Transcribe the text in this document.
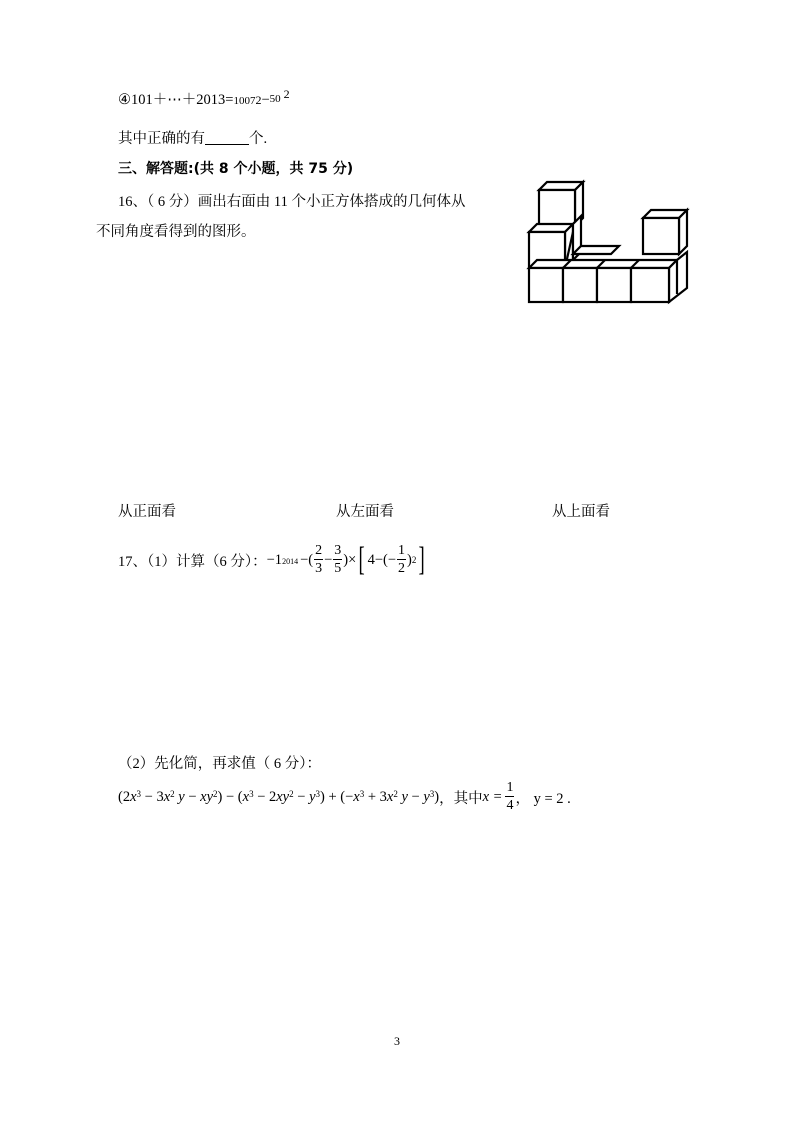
④101＋⋯＋2013=10072−50 $^2$
其中正确的有	个.
三、解答题:(共 8 个小题，共 75 分)
16、（ 6 分）画出右面由 11 个小正方体搭成的几何体从
不同角度看得到的图形。
从正面看	从左面看	从上面看
17、（1）计算（6 分）： −1 2014 −( $\frac{2}{3} - \frac{3}{5}$ )× [ $4-(- \frac{1}{2}$ ) 2 ]
（2）先化简，再求值（ 6 分）：
($2x^3 - 3x^2$ $y - xy^2) - (x^3 - 2xy^2 - y^3) + (-x^3 + 3x^2$ $y - y^3$) ，其中 $x = \frac{1}{4}$ ， y = 2 .
3
